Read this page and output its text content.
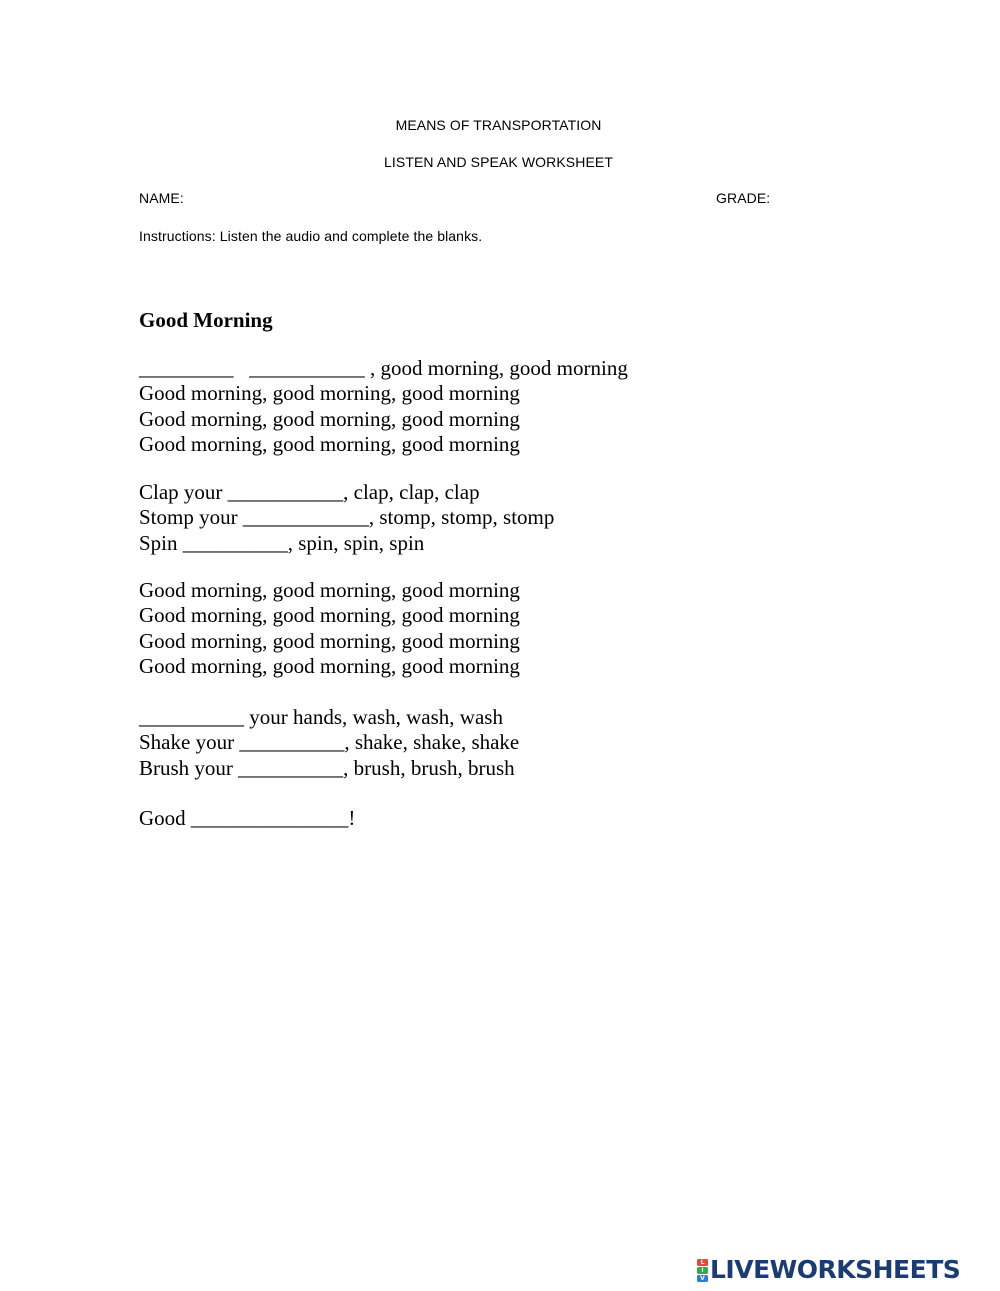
MEANS OF TRANSPORTATION
LISTEN AND SPEAK WORKSHEET
NAME:	GRADE:
Instructions: Listen the audio and complete the blanks.
Good Morning
_________   ___________ , good morning, good morning
Good morning, good morning, good morning
Good morning, good morning, good morning
Good morning, good morning, good morning
Clap your ___________, clap, clap, clap
Stomp your ____________, stomp, stomp, stomp
Spin __________, spin, spin, spin
Good morning, good morning, good morning
Good morning, good morning, good morning
Good morning, good morning, good morning
Good morning, good morning, good morning
__________ your hands, wash, wash, wash
Shake your __________, shake, shake, shake
Brush your __________, brush, brush, brush
Good _______________!
L
I
V LIVEWORKSHEETS
